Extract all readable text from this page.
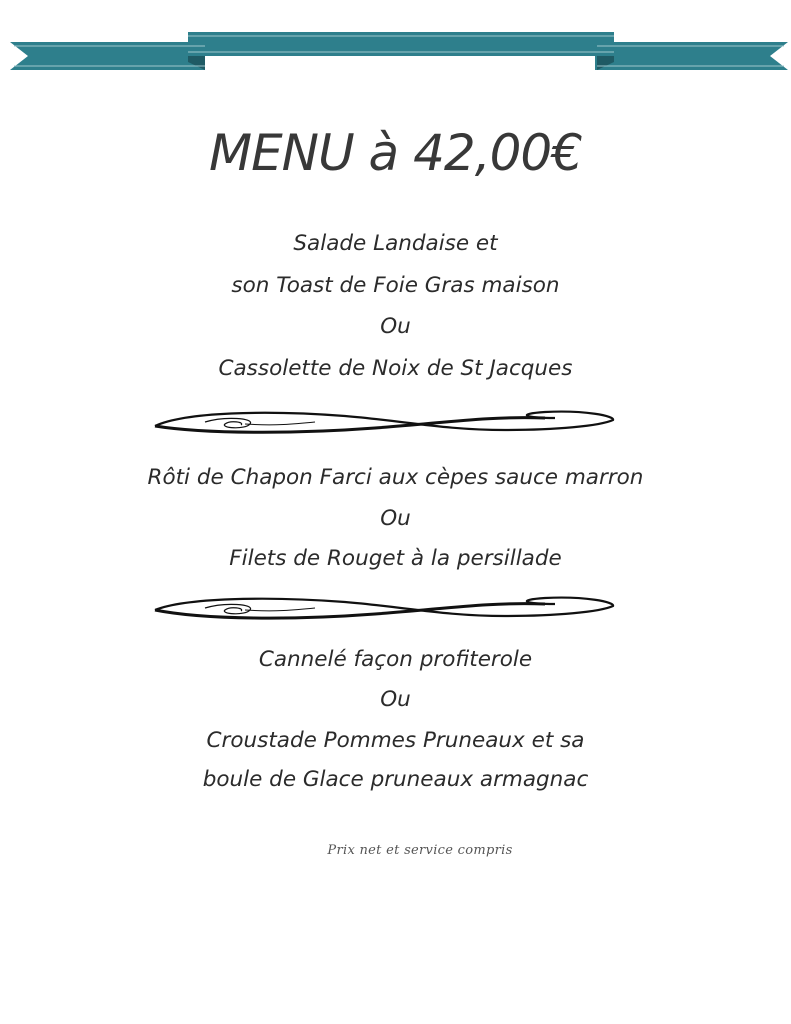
MENU à 42,00€
Salade Landaise et
son Toast de Foie Gras maison
Ou
Cassolette de Noix de St Jacques
Rôti de Chapon Farci aux cèpes sauce marron
Ou
Filets de Rouget à la persillade
Cannelé façon profiterole
Ou
Croustade Pommes Pruneaux et sa
boule de Glace pruneaux armagnac
Prix net et service compris
